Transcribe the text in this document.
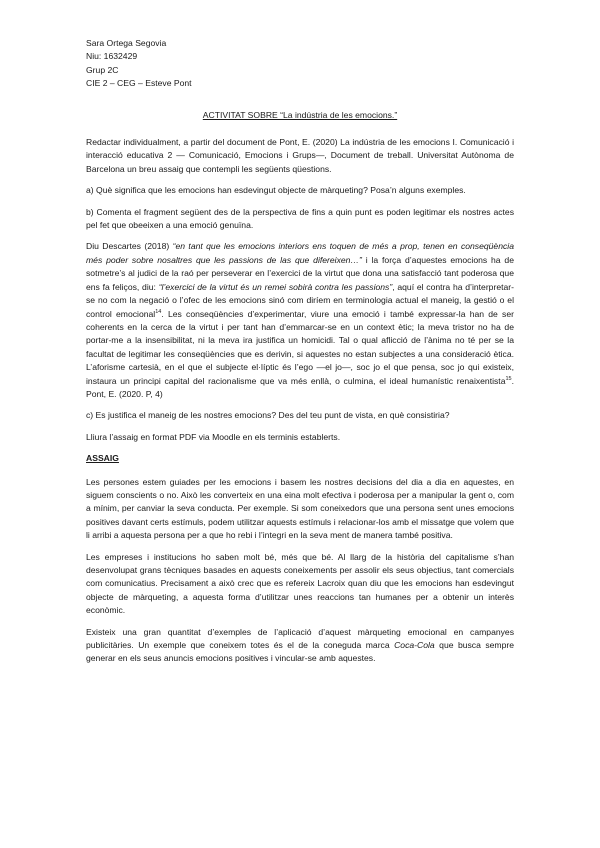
Sara Ortega Segovia

Niu: 1632429

Grup 2C

CIE 2 – CEG – Esteve Pont

ACTIVITAT SOBRE “La indústria de les emocions.”

Redactar individualment, a partir del document de Pont, E. (2020) La indústria de les emocions I. Comunicació i interacció educativa 2 — Comunicació, Emocions i Grups—, Document de treball. Universitat Autònoma de Barcelona un breu assaig que contempli les següents qüestions.

a) Què significa que les emocions han esdevingut objecte de màrqueting? Posa’n alguns exemples.

b) Comenta el fragment següent des de la perspectiva de fins a quin punt es poden legitimar els nostres actes pel fet que obeeixen a una emoció genuïna.

Diu Descartes (2018) “en tant que les emocions interiors ens toquen de més a prop, tenen en conseqüència més poder sobre nosaltres que les passions de las que difereixen…” i la força d’aquestes emocions ha de sotmetre’s al judici de la raó per perseverar en l’exercici de la virtut que dona una satisfacció tant poderosa que ens fa feliços, diu: “l’exercici de la virtut és un remei sobirà contra les passions”, aquí el contra ha d’interpretar-se no com la negació o l’ofec de les emocions sinó com diríem en terminologia actual el maneig, la gestió o el control emocional$^{14}$. Les conseqüències d’experimentar, viure una emoció i també expressar-la han de ser coherents en la cerca de la virtut i per tant han d’emmarcar-se en un context ètic; la meva tristor no ha de portar-me a la insensibilitat, ni la meva ira justifica un homicidi. Tal o qual aflicció de l’ànima no té per se la facultat de legitimar les conseqüències que es derivin, si aquestes no estan subjectes a una consideració ètica. L’aforisme cartesià, en el que el subjecte el·líptic és l’ego —el jo—, soc jo el que pensa, soc jo qui existeix, instaura un principi capital del racionalisme que va més enllà, o culmina, el ideal humanístic renaixentista$^{15}$. Pont, E. (2020. P, 4)

c) Es justifica el maneig de les nostres emocions? Des del teu punt de vista, en què consistiria?

Lliura l’assaig en format PDF via Moodle en els terminis establerts.

ASSAIG

Les persones estem guiades per les emocions i basem les nostres decisions del dia a dia en aquestes, en siguem conscients o no. Això les converteix en una eina molt efectiva i poderosa per a manipular la gent o, com a mínim, per canviar la seva conducta. Per exemple. Si som coneixedors que una persona sent unes emocions positives davant certs estímuls, podem utilitzar aquests estímuls i relacionar-los amb el missatge que volem que li arribi a aquesta persona per a que ho rebi i l’integri en la seva ment de manera també positiva.

Les empreses i institucions ho saben molt bé, més que bé. Al llarg de la història del capitalisme s’han desenvolupat grans tècniques basades en aquests coneixements per assolir els seus objectius, tant comercials com comunicatius. Precisament a això crec que es refereix Lacroix quan diu que les emocions han esdevingut objecte de màrqueting, a aquesta forma d’utilitzar unes reaccions tan humanes per a obtenir un interès econòmic.

Existeix una gran quantitat d’exemples de l’aplicació d’aquest màrqueting emocional en campanyes publicitàries. Un exemple que coneixem totes és el de la coneguda marca Coca-Cola que busca sempre generar en els seus anuncis emocions positives i vincular-se amb aquestes.
